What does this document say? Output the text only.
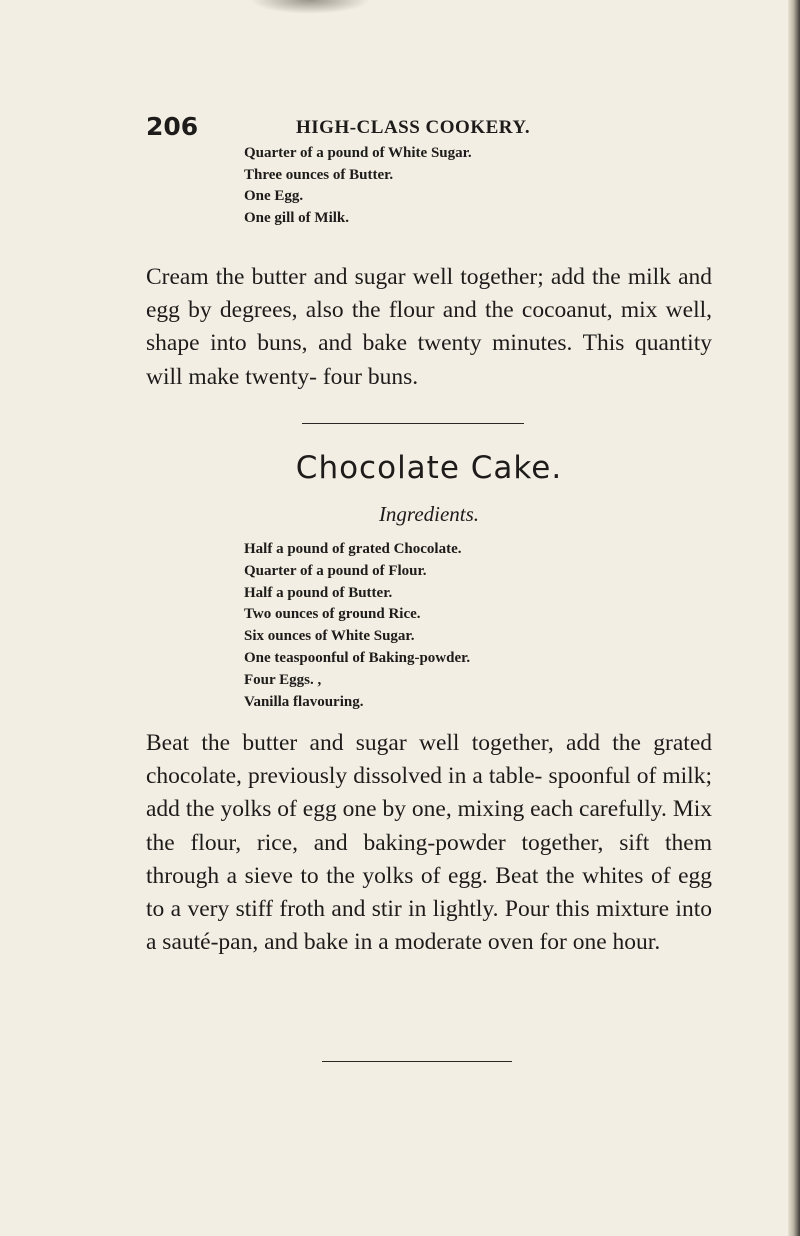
206	HIGH-CLASS COOKERY.
Quarter of a pound of White Sugar.
Three ounces of Butter.
One Egg.
One gill of Milk.
Cream the butter and sugar well together; add the milk and egg by degrees, also the flour and the cocoanut, mix well, shape into buns, and bake twenty minutes. This quantity will make twenty- four buns.
Chocolate Cake.
Ingredients.
Half a pound of grated Chocolate.
Quarter of a pound of Flour.
Half a pound of Butter.
Two ounces of ground Rice.
Six ounces of White Sugar.
One teaspoonful of Baking-powder.
Four Eggs. ,
Vanilla flavouring.
Beat the butter and sugar well together, add the grated chocolate, previously dissolved in a table- spoonful of milk; add the yolks of egg one by one, mixing each carefully. Mix the flour, rice, and baking-powder together, sift them through a sieve to the yolks of egg. Beat the whites of egg to a very stiff froth and stir in lightly. Pour this mixture into a sauté-pan, and bake in a moderate oven for one hour.
